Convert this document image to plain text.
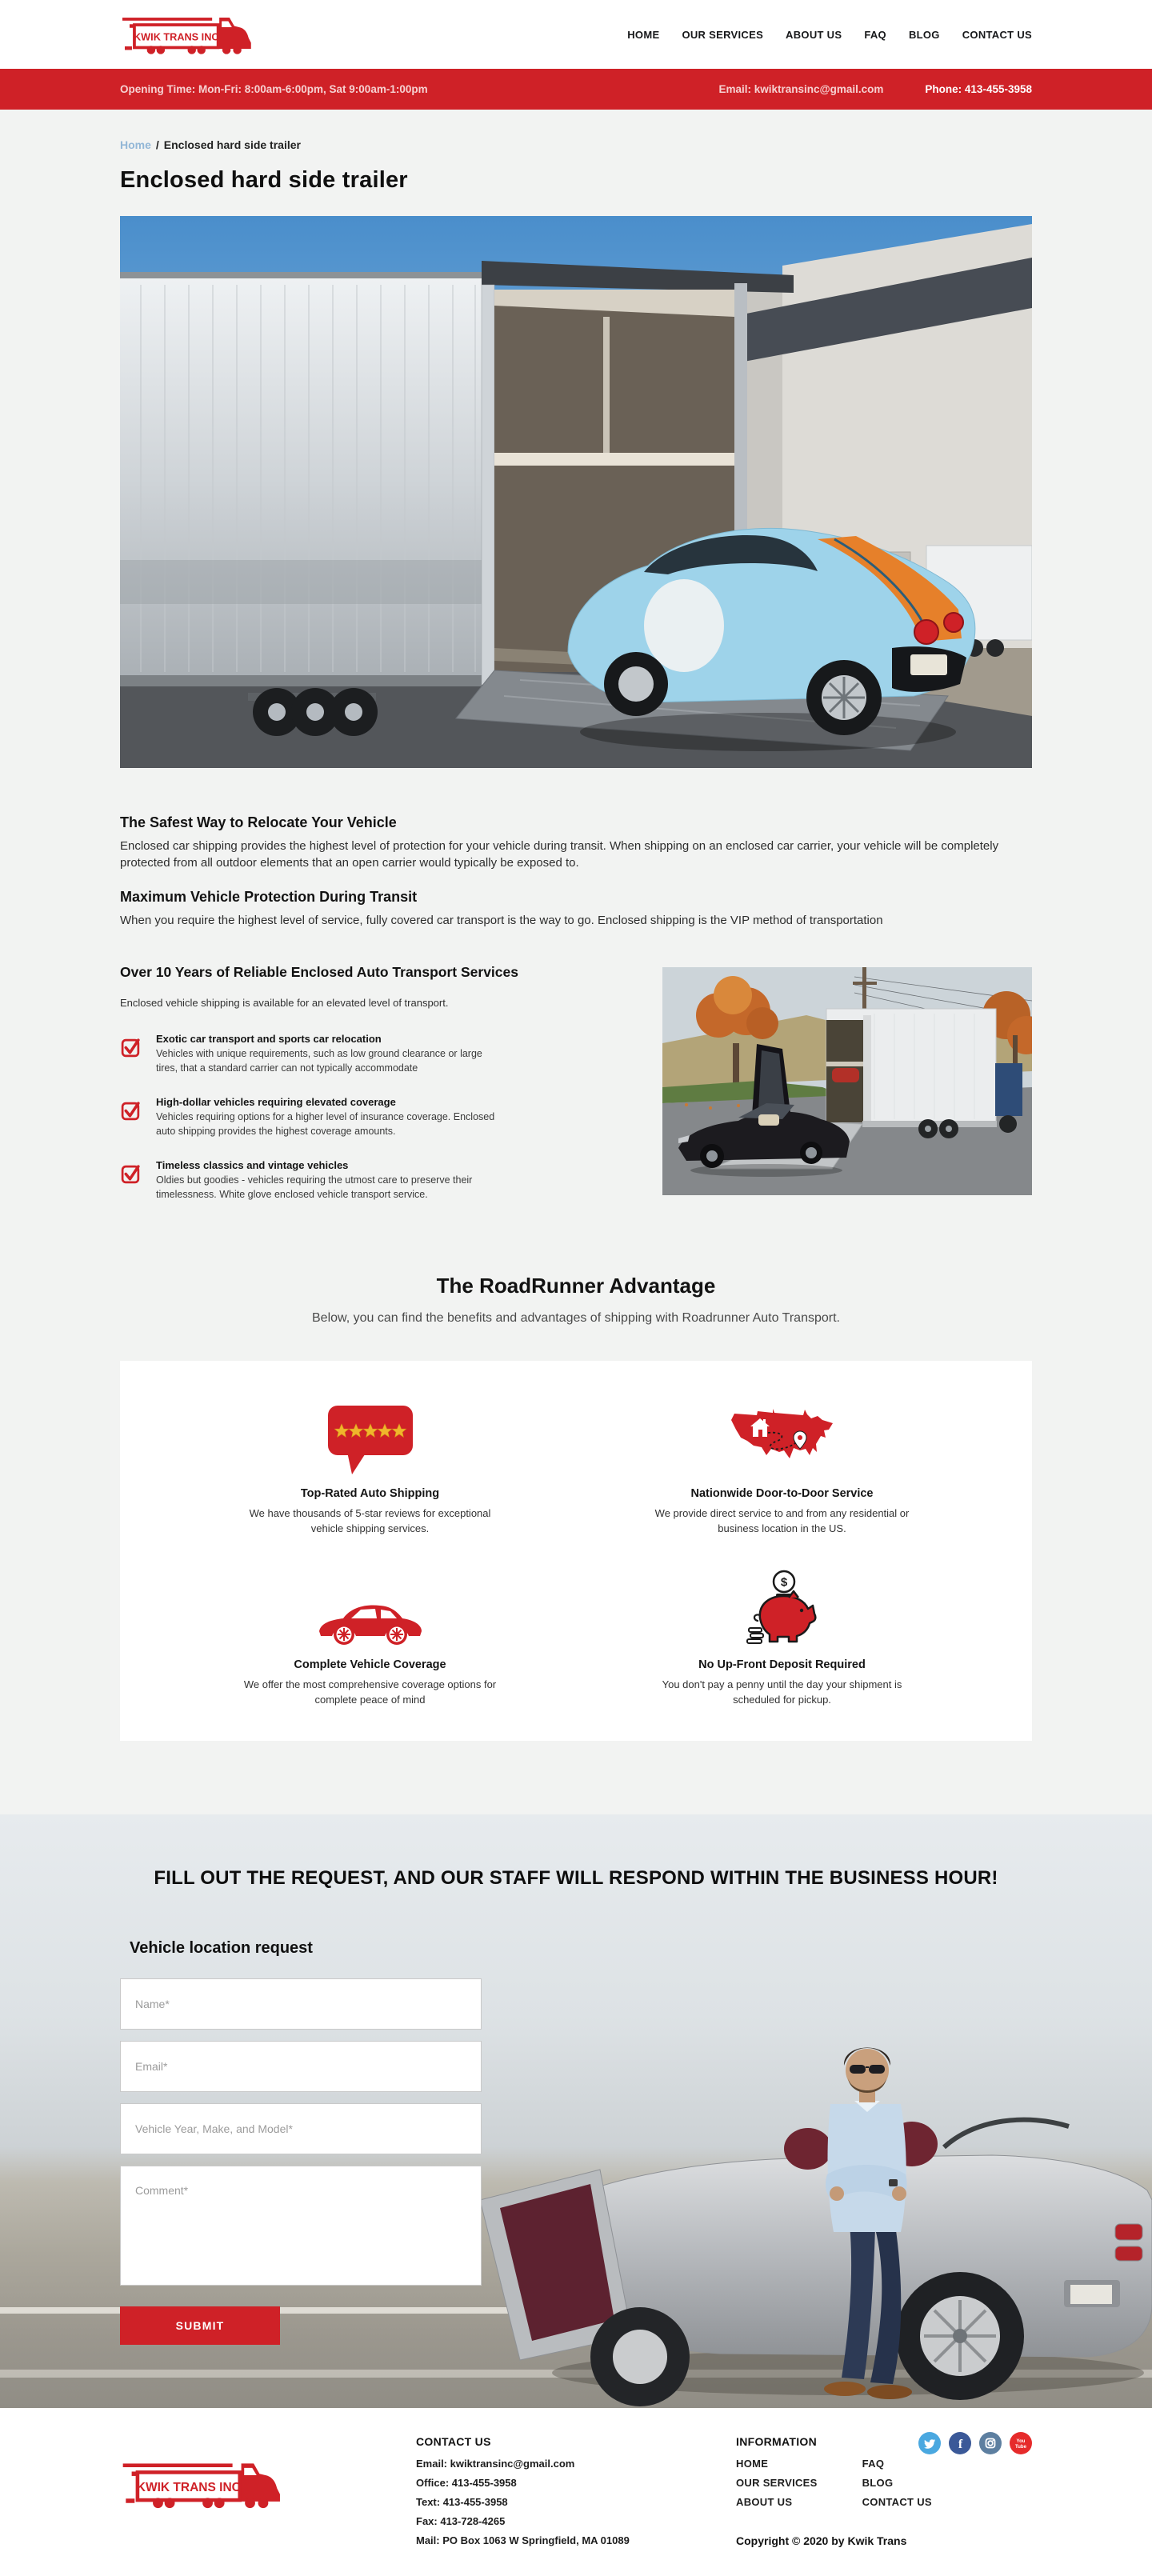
KWIK TRANS INC	HOME OUR SERVICES ABOUT US FAQ BLOG CONTACT US
Opening Time: Mon-Fri: 8:00am-6:00pm, Sat 9:00am-1:00pm	Email: kwiktransinc@gmail.com	Phone: 413-455-3958
Home / Enclosed hard side trailer
Enclosed hard side trailer
The Safest Way to Relocate Your Vehicle

Enclosed car shipping provides the highest level of protection for your vehicle during transit. When shipping on an enclosed car carrier, your vehicle will be completely protected from all outdoor elements that an open carrier would typically be exposed to.

Maximum Vehicle Protection During Transit

When you require the highest level of service, fully covered car transport is the way to go. Enclosed shipping is the VIP method of transportation

Over 10 Years of Reliable Enclosed Auto Transport Services

Enclosed vehicle shipping is available for an elevated level of transport.

Exotic car transport and sports car relocation

Vehicles with unique requirements, such as low ground clearance or large tires, that a standard carrier can not typically accommodate

High-dollar vehicles requiring elevated coverage

Vehicles requiring options for a higher level of insurance coverage. Enclosed auto shipping provides the highest coverage amounts.

Timeless classics and vintage vehicles

Oldies but goodies - vehicles requiring the utmost care to preserve their timelessness. White glove enclosed vehicle transport service.

The RoadRunner Advantage

Below, you can find the benefits and advantages of shipping with Roadrunner Auto Transport.

Top-Rated Auto Shipping

We have thousands of 5-star reviews for exceptional vehicle shipping services.

Nationwide Door-to-Door Service

We provide direct service to and from any residential or business location in the US.

Complete Vehicle Coverage

We offer the most comprehensive coverage options for complete peace of mind

$
No Up-Front Deposit Required

You don't pay a penny until the day your shipment is scheduled for pickup.

FILL OUT THE REQUEST, AND OUR STAFF WILL RESPOND WITHIN THE BUSINESS HOUR!
Vehicle location request
Name*
Email*
Vehicle Year, Make, and Model*
Comment* SUBMIT
KWIK TRANS INC
CONTACT US

Email: kwiktransinc@gmail.com

Office: 413-455-3958

Text: 413-455-3958

Fax: 413-728-4265

Mail: PO Box 1063 W Springfield, MA 01089

f	You
Tube
INFORMATION
HOME
OUR SERVICES
ABOUT US
FAQ
BLOG
CONTACT US
Copyright © 2020 by Kwik Trans
